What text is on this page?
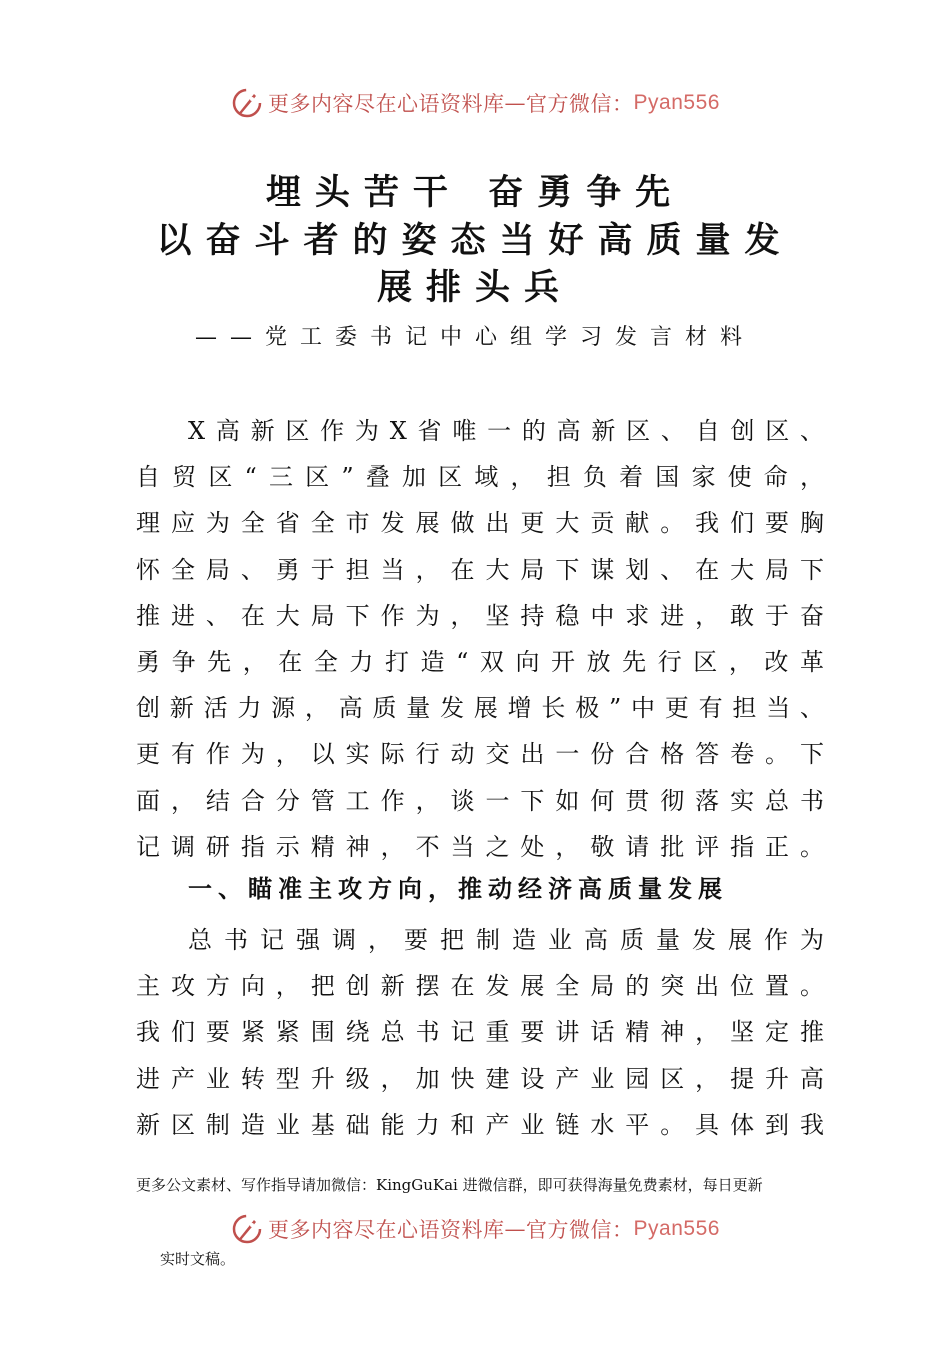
更多内容尽在心语资料库—官方微信：Pyan556
埋头苦干 奋勇争先
以奋斗者的姿态当好高质量发
展排头兵
——党工委书记中心组学习发言材料
X高新区作为X省唯一的高新区、自创区、
自贸区“三区”叠加区域，担负着国家使命，
理应为全省全市发展做出更大贡献。我们要胸
怀全局、勇于担当，在大局下谋划、在大局下
推进、在大局下作为，坚持稳中求进，敢于奋
勇争先，在全力打造“双向开放先行区，改革
创新活力源，高质量发展增长极”中更有担当、
更有作为，以实际行动交出一份合格答卷。下
面，结合分管工作，谈一下如何贯彻落实总书
记调研指示精神，不当之处，敬请批评指正。
一、瞄准主攻方向，推动经济高质量发展
总书记强调，要把制造业高质量发展作为
主攻方向，把创新摆在发展全局的突出位置。
我们要紧紧围绕总书记重要讲话精神，坚定推
进产业转型升级，加快建设产业园区，提升高
新区制造业基础能力和产业链水平。具体到我
更多公文素材、写作指导请加微信：KingGuKai 进微信群，即可获得海量免费素材，每日更新
更多内容尽在心语资料库—官方微信：Pyan556
实时文稿。
